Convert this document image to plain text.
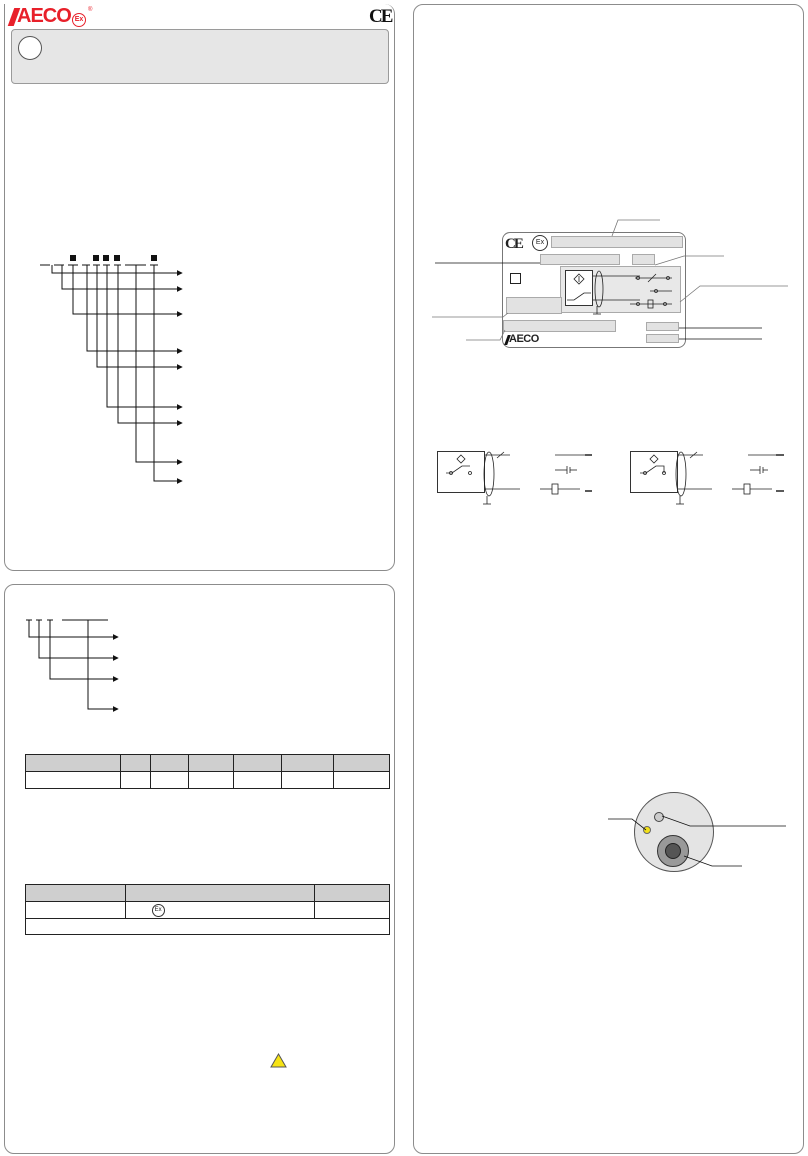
AECO Ex
®	CE

	Ex	

CE	Ex
AECO
